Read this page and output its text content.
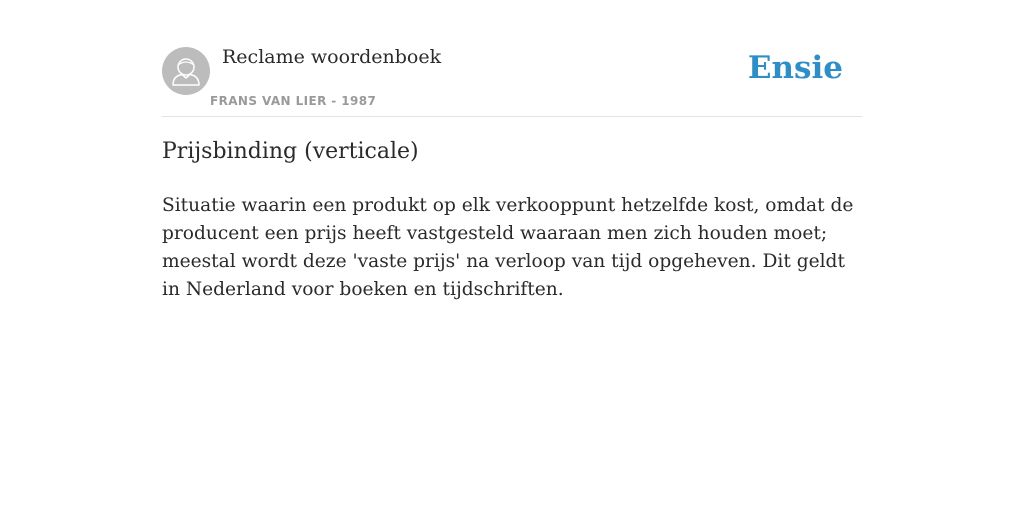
Reclame woordenboek
FRANS VAN LIER - 1987
Ensie
Prijsbinding (verticale)

Situatie waarin een produkt op elk verkooppunt hetzelfde kost, omdat de producent een prijs heeft vastgesteld waaraan men zich houden moet; meestal wordt deze 'vaste prijs' na verloop van tijd opgeheven. Dit geldt in Nederland voor boeken en tijdschriften.
